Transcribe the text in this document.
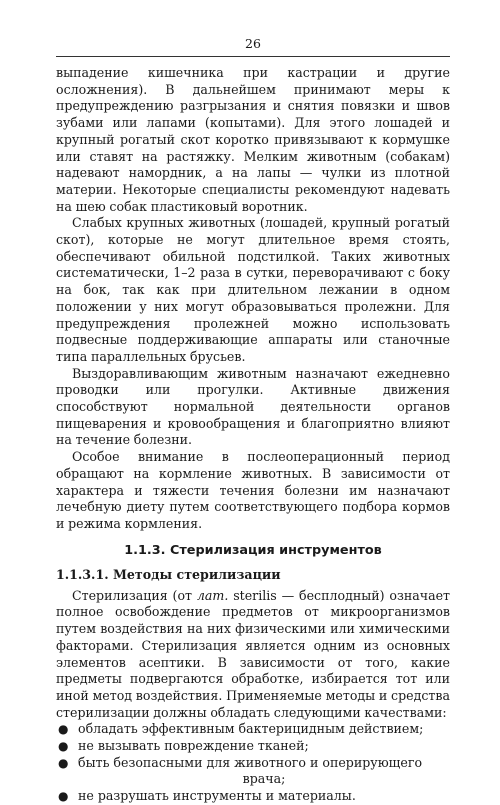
26

выпадение кишечника при кастрации и другие осложнения). В дальнейшем принимают меры к предупреждению разгрызания и снятия повязки и швов зубами или лапами (копытами). Для этого лошадей и крупный рогатый скот коротко привязывают к кормушке или ставят на растяжку. Мелким животным (собакам) надевают намордник, а на лапы — чулки из плотной материи. Некоторые специалисты рекомендуют надевать на шею собак пластиковый воротник.

Слабых крупных животных (лошадей, крупный рогатый скот), которые не могут длительное время стоять, обеспечивают обильной подстилкой. Таких животных систематически, 1–2 раза в сутки, переворачивают с боку на бок, так как при длительном лежании в одном положении у них могут образовываться пролежни. Для предупреждения пролежней можно использовать подвесные поддерживающие аппараты или станочные типа параллельных брусьев.

Выздоравливающим животным назначают ежедневно проводки или прогулки. Активные движения способствуют нормальной деятельности органов пищеварения и кровообращения и благоприятно влияют на течение болезни.

Особое внимание в послеоперационный период обращают на кормление животных. В зависимости от характера и тяжести течения болезни им назначают лечебную диету путем соответствующего подбора кормов и режима кормления.

1.1.3. Стерилизация инструментов
1.1.3.1. Методы стерилизации

Стерилизация (от лат. sterilis — бесплодный) означает полное освобождение предметов от микроорганизмов путем воздействия на них физическими или химическими факторами. Стерилизация является одним из основных элементов асептики. В зависимости от того, какие предметы подвергаются обработке, избирается тот или иной метод воздействия. Применяемые методы и средства стерилизации должны обладать следующими качествами:

● обладать эффективным бактерицидным действием;
● не вызывать повреждение тканей;
● быть безопасными для животного и оперирующего
врача;
● не разрушать инструменты и материалы.
